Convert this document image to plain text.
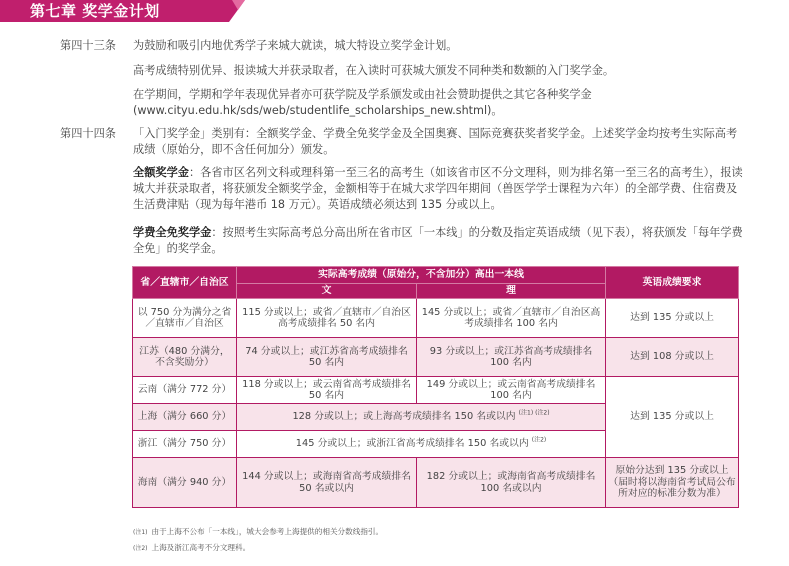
第七章 奖学金计划
第四十三条	为鼓励和吸引内地优秀学子来城大就读，城大特设立奖学金计划。
高考成绩特别优异、报读城大并获录取者，在入读时可获城大颁发不同种类和数额的入门奖学金。
在学期间，学期和学年表现优异者亦可获学院及学系颁发或由社会赞助提供之其它各种奖学金 (www.cityu.edu.hk/sds/web/studentlife_scholarships_new.shtml)。
第四十四条	「入门奖学金」类别有：全额奖学金、学费全免奖学金及全国奥赛、国际竞赛获奖者奖学金。上述奖学金均按考生实际高考成绩（原始分，即不含任何加分）颁发。
全额奖学金：各省市区名列文科或理科第一至三名的高考生（如该省市区不分文理科，则为排名第一至三名的高考生），报读城大并获录取者，将获颁发全额奖学金，金额相等于在城大求学四年期间（兽医学学士课程为六年）的全部学费、住宿费及生活费津贴（现为每年港币 18 万元）。英语成绩必须达到 135 分或以上。
学费全免奖学金：按照考生实际高考总分高出所在省市区「一本线」的分数及指定英语成绩（见下表），将获颁发「每年学费全免」的奖学金。
省／直辖市／自治区	实际高考成绩（原始分，不含加分）高出一本线		英语成绩要求
	文	理	
以 750 分为满分之省／直辖市／自治区	115 分或以上；或省／直辖市／自治区高考成绩排名 50 名内	145 分或以上；或省／直辖市／自治区高考成绩排名 100 名内	达到 135 分或以上
江苏（480 分满分，不含奖励分）	74 分或以上；或江苏省高考成绩排名 50 名内	93 分或以上；或江苏省高考成绩排名 100 名内	达到 108 分或以上
云南（满分 772 分）	118 分或以上；或云南省高考成绩排名 50 名内	149 分或以上；或云南省高考成绩排名 100 名内	达到 135 分或以上
上海（满分 660 分）	128 分或以上；或上海高考成绩排名 150 名或以内 $^{(注1) (注2)}$
浙江（满分 750 分）	145 分或以上；或浙江省高考成绩排名 150 名或以内 $^{(注2)}$
海南（满分 940 分）	144 分或以上；或海南省高考成绩排名 50 名或以内	182 分或以上；或海南省高考成绩排名 100 名或以内	原始分达到 135 分或以上（届时将以海南省考试局公布所对应的标准分数为准）
(注1) 由于上海不公布「一本线」，城大会参考上海提供的相关分数线指引。
(注2) 上海及浙江高考不分文理科。
